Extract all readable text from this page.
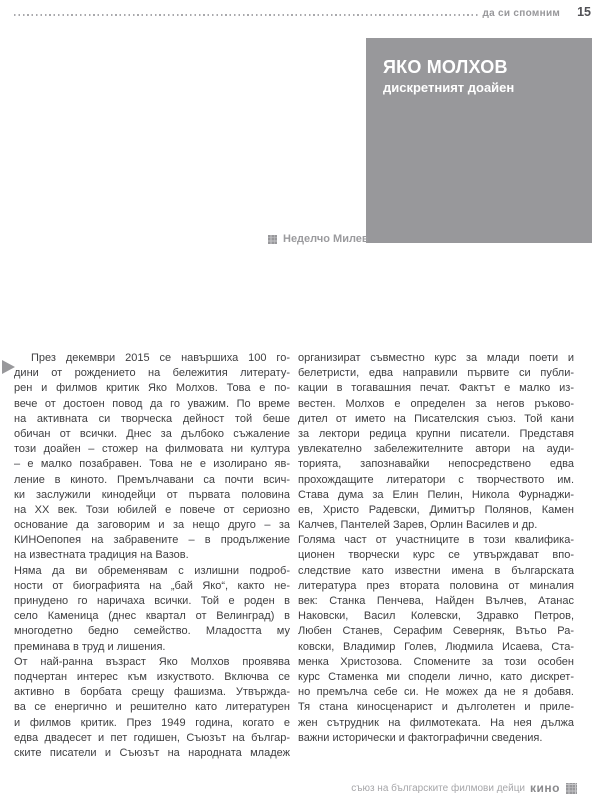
да си спомним 15
ЯКО МОЛХОВ
дискретният доайен
Неделчо Милев
През декември 2015 се навършиха 100 го-
дини от рождението на бележития литерату-
рен и филмов критик Яко Молхов. Това е по-
вече от достоен повод да го уважим. По време
на активната си творческа дейност той беше
обичан от всички. Днес за дълбоко съжаление
този доайен – стожер на филмовата ни култура
– е малко позабравен. Това не е изолирано яв-
ление в киното. Премълчавани са почти всич-
ки заслужили кинодейци от първата половина
на ХХ век. Този юбилей е повече от сериозно
основание да заговорим и за нещо друго – за
КИНОепопея на забравените – в продължение
на известната традиция на Вазов.
Няма да ви обременявам с излишни подроб-
ности от биографията на „бай Яко“, както не-
принудено го наричаха всички. Той е роден в
село Каменица (днес квартал от Велинград) в
многодетно бедно семейство. Младостта му
преминава в труд и лишения.
От най-ранна възраст Яко Молхов проявява
подчертан интерес към изкуството. Включва се
активно в борбата срещу фашизма. Утвържда-
ва се енергично и решително като литературен
и филмов критик. През 1949 година, когато е
едва двадесет и пет годишен, Съюзът на българ-
ските писатели и Съюзът на народната младеж
организират съвместно курс за млади поети и
белетристи, едва направили първите си публи-
кации в тогавашния печат. Фактът е малко из-
вестен. Молхов е определен за негов ръково-
дител от името на Писателския съюз. Той кани
за лектори редица крупни писатели. Представя
увлекателно забележителните автори на ауди-
торията, запознавайки непосредствено едва
прохождащите литератори с творчеството им.
Става дума за Елин Пелин, Никола Фурнаджи-
ев, Христо Радевски, Димитър Полянов, Камен
Калчев, Пантелей Зарев, Орлин Василев и др.
Голяма част от участниците в този квалифика-
ционен творчески курс се утвърждават впо-
следствие като известни имена в българската
литература през втората половина от миналия
век: Станка Пенчева, Найден Вълчев, Атанас
Наковски, Васил Колевски, Здравко Петров,
Любен Станев, Серафим Северняк, Вътьо Ра-
ковски, Владимир Голев, Людмила Исаева, Ста-
менка Христозова. Спомените за този особен
курс Стаменка ми сподели лично, като дискрет-
но премълча себе си. Не можех да не я добавя.
Тя стана киносценарист и дълголетен и приле-
жен сътрудник на филмотеката. На нея дължа
важни исторически и фактографични сведения.
съюз на българските филмови дейци кино
